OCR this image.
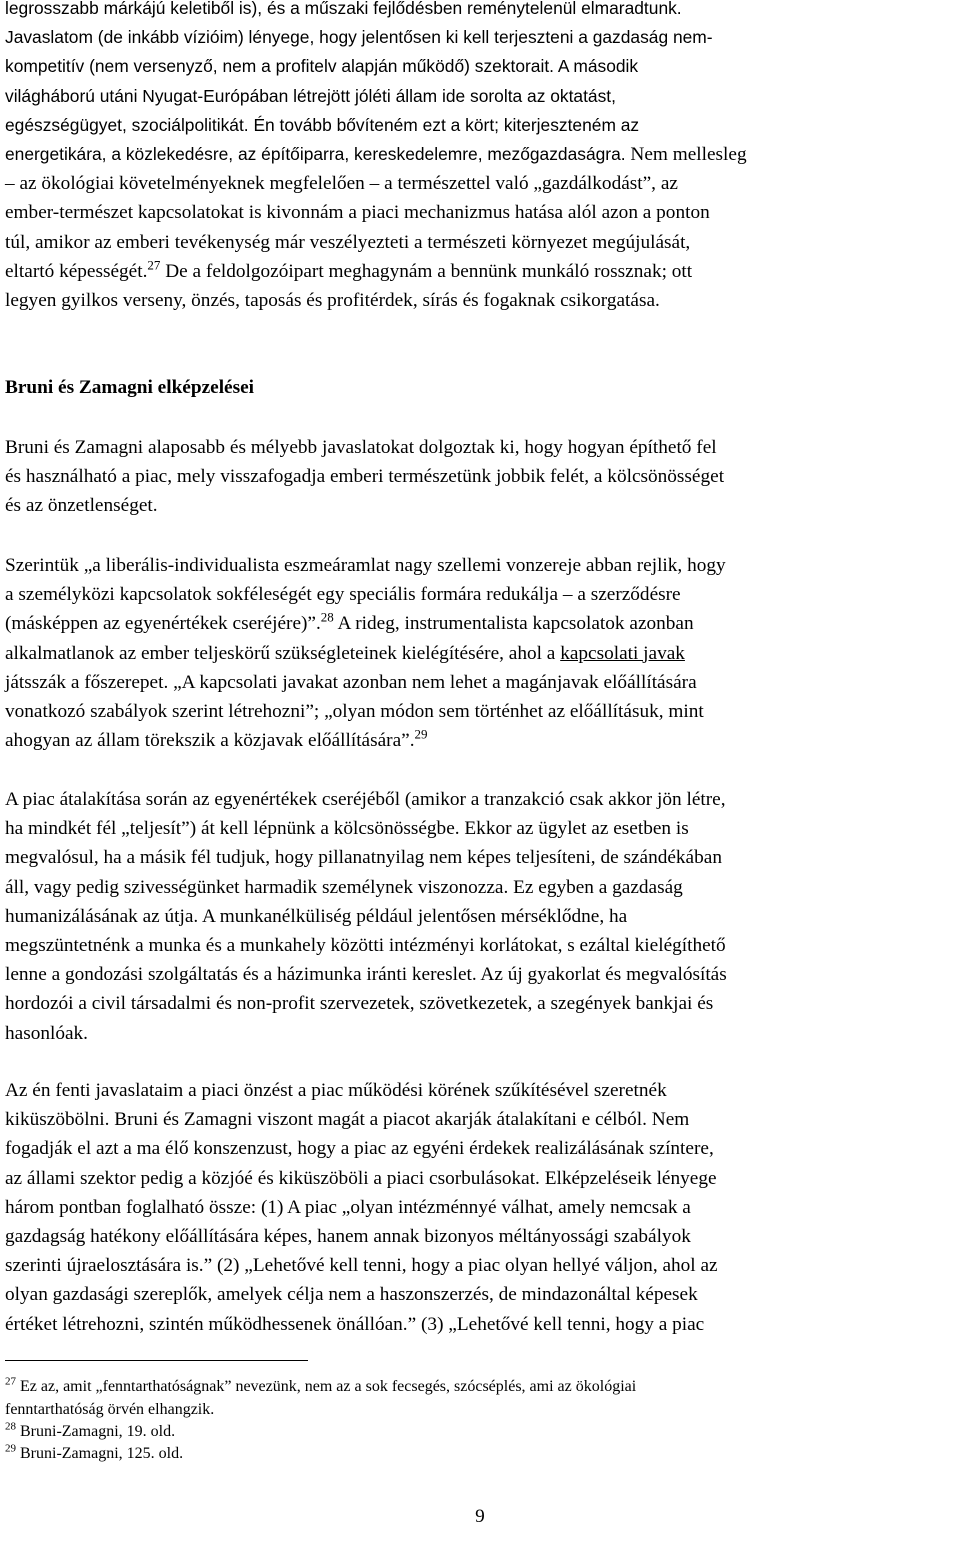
legrosszabb márkájú keletiből is), és a műszaki fejlődésben reménytelenül elmaradtunk.
Javaslatom (de inkább vízióim) lényege, hogy jelentősen ki kell terjeszteni a gazdaság nem-
kompetitív (nem versenyző, nem a profitelv alapján működő) szektorait. A második
világháború utáni Nyugat-Európában létrejött jóléti állam ide sorolta az oktatást,
egészségügyet, szociálpolitikát. Én tovább bővíteném ezt a kört; kiterjeszteném az
energetikára, a közlekedésre, az építőiparra, kereskedelemre, mezőgazdaságra. Nem mellesleg
– az ökológiai követelményeknek megfelelően – a természettel való „gazdálkodást”, az
ember-természet kapcsolatokat is kivonnám a piaci mechanizmus hatása alól azon a ponton
túl, amikor az emberi tevékenység már veszélyezteti a természeti környezet megújulását,
eltartó képességét.$^{27}$ De a feldolgozóipart meghagynám a bennünk munkáló rossznak; ott
legyen gyilkos verseny, önzés, taposás és profitérdek, sírás és fogaknak csikorgatása.
Bruni és Zamagni elképzelései
Bruni és Zamagni alaposabb és mélyebb javaslatokat dolgoztak ki, hogy hogyan építhető fel
és használható a piac, mely visszafogadja emberi természetünk jobbik felét, a kölcsönösséget
és az önzetlenséget.
Szerintük „a liberális-individualista eszmeáramlat nagy szellemi vonzereje abban rejlik, hogy
a személyközi kapcsolatok sokféleségét egy speciális formára redukálja – a szerződésre
(másképpen az egyenértékek cseréjére)”.$^{28}$ A rideg, instrumentalista kapcsolatok azonban
alkalmatlanok az ember teljeskörű szükségleteinek kielégítésére, ahol a kapcsolati javak
játsszák a főszerepet. „A kapcsolati javakat azonban nem lehet a magánjavak előállítására
vonatkozó szabályok szerint létrehozni”; „olyan módon sem történhet az előállításuk, mint
ahogyan az állam törekszik a közjavak előállítására”.$^{29}$
A piac átalakítása során az egyenértékek cseréjéből (amikor a tranzakció csak akkor jön létre,
ha mindkét fél „teljesít”) át kell lépnünk a kölcsönösségbe. Ekkor az ügylet az esetben is
megvalósul, ha a másik fél tudjuk, hogy pillanatnyilag nem képes teljesíteni, de szándékában
áll, vagy pedig szivességünket harmadik személynek viszonozza. Ez egyben a gazdaság
humanizálásának az útja. A munkanélküliség például jelentősen mérséklődne, ha
megszüntetnénk a munka és a munkahely közötti intézményi korlátokat, s ezáltal kielégíthető
lenne a gondozási szolgáltatás és a házimunka iránti kereslet. Az új gyakorlat és megvalósítás
hordozói a civil társadalmi és non-profit szervezetek, szövetkezetek, a szegények bankjai és
hasonlóak.
Az én fenti javaslataim a piaci önzést a piac működési körének szűkítésével szeretnék
kiküszöbölni. Bruni és Zamagni viszont magát a piacot akarják átalakítani e célból. Nem
fogadják el azt a ma élő konszenzust, hogy a piac az egyéni érdekek realizálásának színtere,
az állami szektor pedig a közjóé és kiküszöböli a piaci csorbulásokat. Elképzeléseik lényege
három pontban foglalható össze: (1) A piac „olyan intézménnyé válhat, amely nemcsak a
gazdagság hatékony előállítására képes, hanem annak bizonyos méltányossági szabályok
szerinti újraelosztására is.” (2) „Lehetővé kell tenni, hogy a piac olyan hellyé váljon, ahol az
olyan gazdasági szereplők, amelyek célja nem a haszonszerzés, de mindazonáltal képesek
értéket létrehozni, szintén működhessenek önállóan.” (3) „Lehetővé kell tenni, hogy a piac
$^{27}$ Ez az, amit „fenntarthatóságnak” nevezünk, nem az a sok fecsegés, szócséplés, ami az ökológiai
fenntarthatóság örvén elhangzik.
$^{28}$ Bruni-Zamagni, 19. old.
$^{29}$ Bruni-Zamagni, 125. old.
9
